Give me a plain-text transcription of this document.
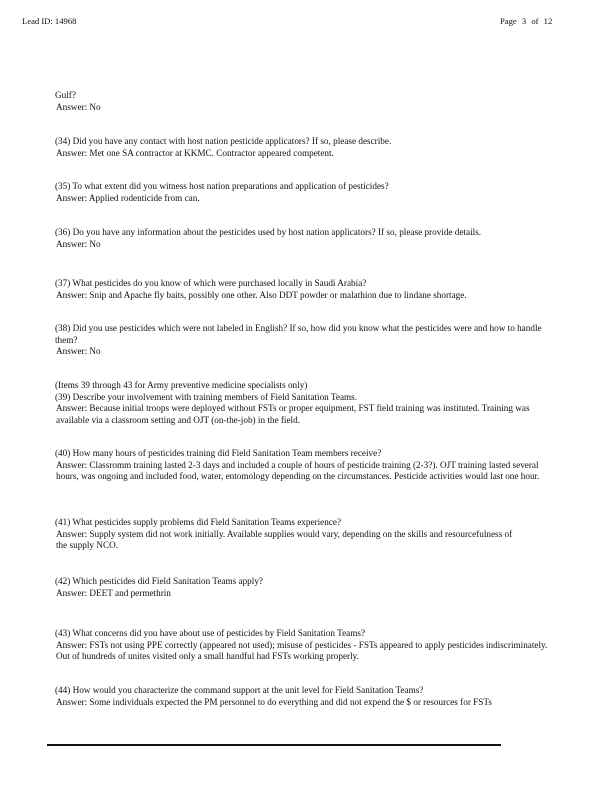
Lead ID: 14968	Page 3 of 12
Gulf?
Answer: No
(34) Did you have any contact with host nation pesticide applicators? If so, please describe.
Answer: Met one SA contractor at KKMC. Contractor appeared competent.
(35) To what extent did you witness host nation preparations and application of pesticides?
Answer: Applied rodenticide from can.
(36) Do you have any information about the pesticides used by host nation applicators? If so, please provide details.
Answer: No
(37) What pesticides do you know of which were purchased locally in Saudi Arabia?
Answer: Snip and Apache fly baits, possibly one other. Also DDT powder or malathion due to lindane shortage.
(38) Did you use pesticides which were not labeled in English? If so, how did you know what the pesticides were and how to handle them?
Answer: No
(Items 39 through 43 for Army preventive medicine specialists only)
(39) Describe your involvement with training members of Field Sanitation Teams.
Answer: Because initial troops were deployed without FSTs or proper equipment, FST field training was instituted. Training was available via a classroom setting and OJT (on-the-job) in the field.
(40) How many hours of pesticides training did Field Sanitation Team members receive?
Answer: Classromm training lasted 2-3 days and included a couple of hours of pesticide training (2-3?). OJT training lasted several hours, was ongoing and included food, water, entomology depending on the circumstances. Pesticide activities would last one hour.
(41) What pesticides supply problems did Field Sanitation Teams experience?
Answer: Supply system did not work initially. Available supplies would vary, depending on the skills and resourcefulness of the supply NCO.
(42) Which pesticides did Field Sanitation Teams apply?
Answer: DEET and permethrin
(43) What concerns did you have about use of pesticides by Field Sanitation Teams?
Answer: FSTs not using PPE correctly (appeared not used); misuse of pesticides - FSTs appeared to apply pesticides indiscriminately. Out of hundreds of unites visited only a small handful had FSTs working properly.
(44) How would you characterize the command support at the unit level for Field Sanitation Teams?
Answer: Some individuals expected the PM personnel to do everything and did not expend the $ or resources for FSTs
